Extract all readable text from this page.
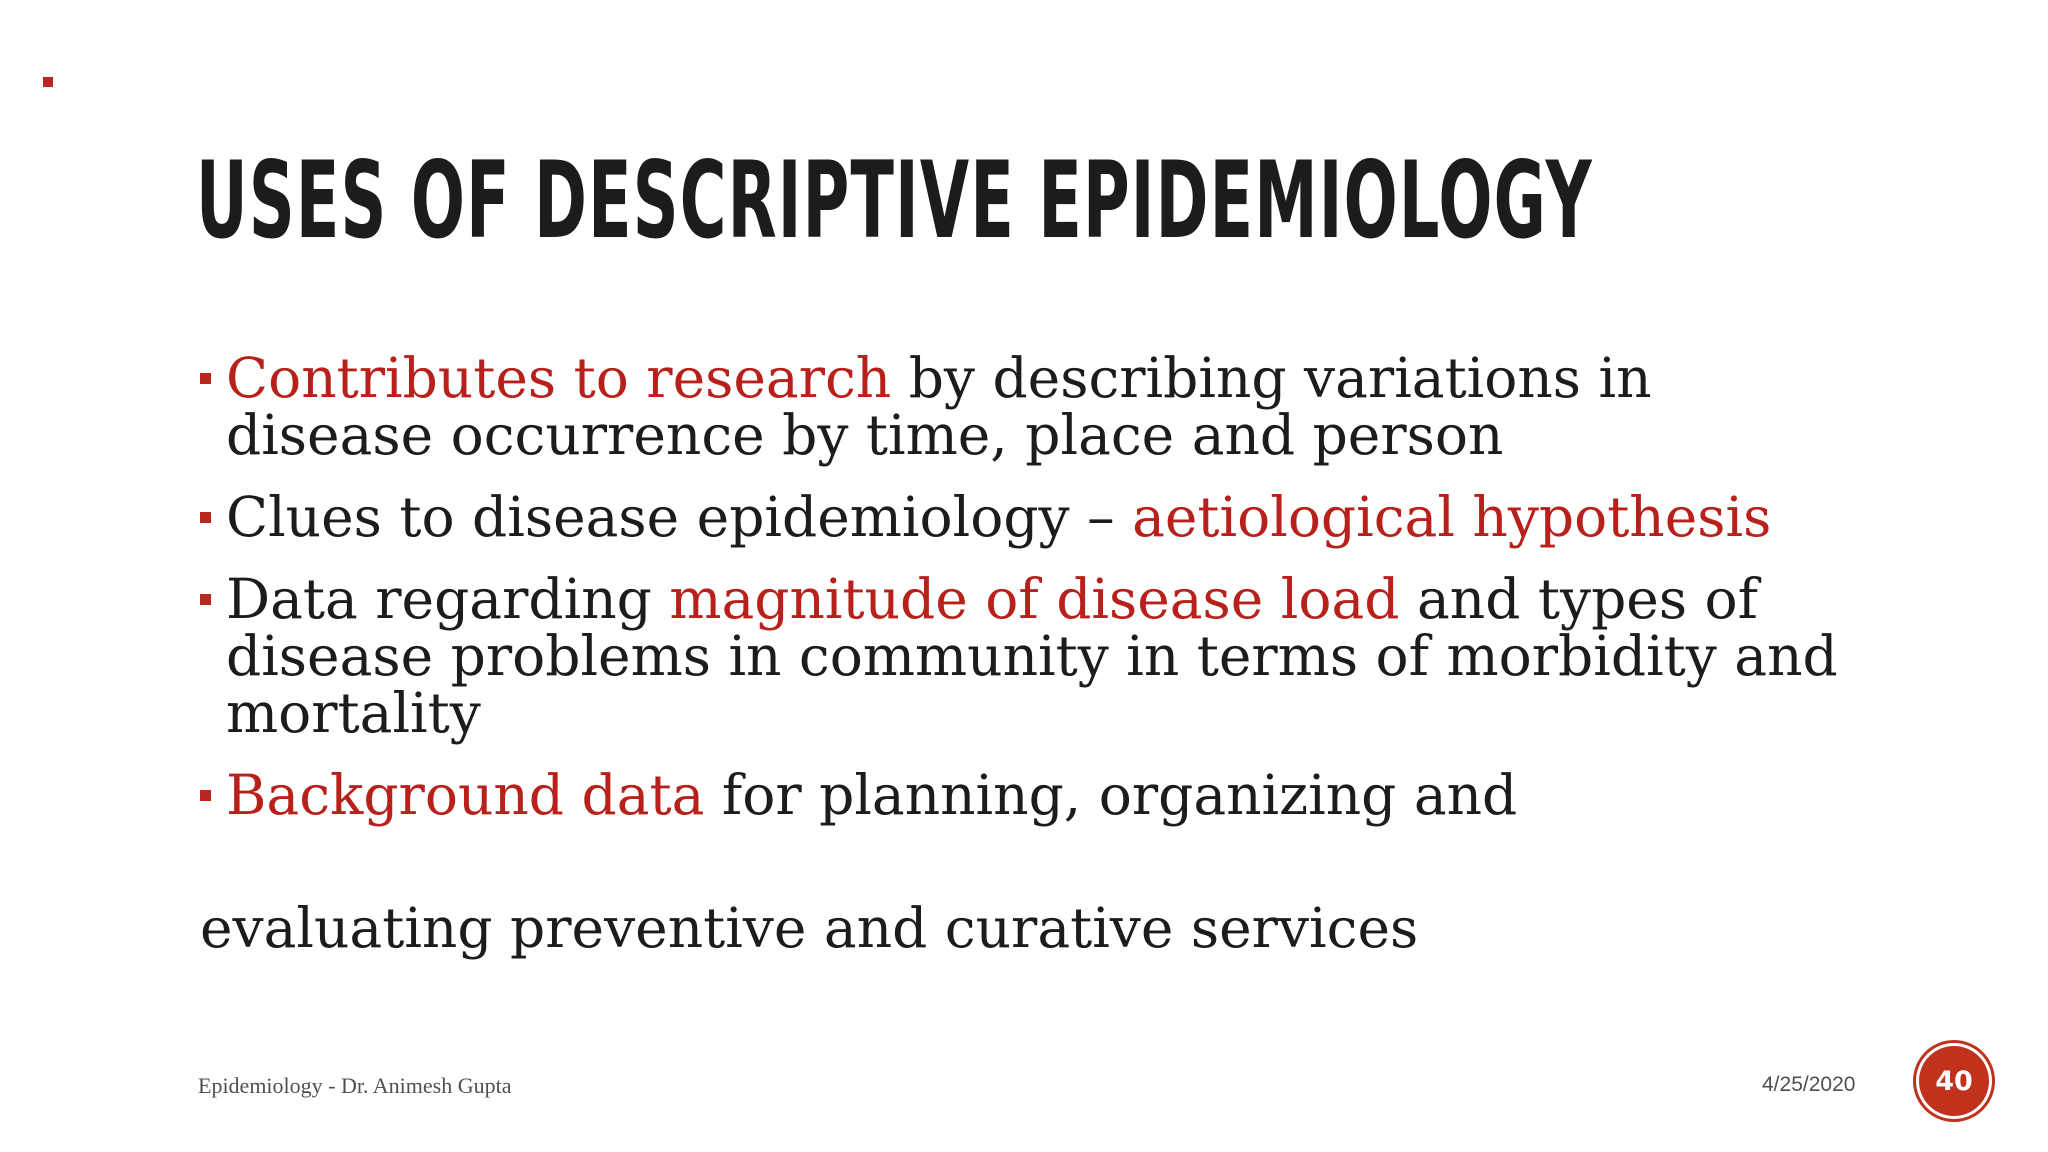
USES OF DESCRIPTIVE EPIDEMIOLOGY
Contributes to research by describing variations in disease occurrence by time, place and person
Clues to disease epidemiology – aetiological hypothesis
Data regarding magnitude of disease load and types of disease problems in community in terms of morbidity and mortality
Background data for planning, organizing and
evaluating preventive and curative services
Epidemiology - Dr. Animesh Gupta	4/25/2020	40
